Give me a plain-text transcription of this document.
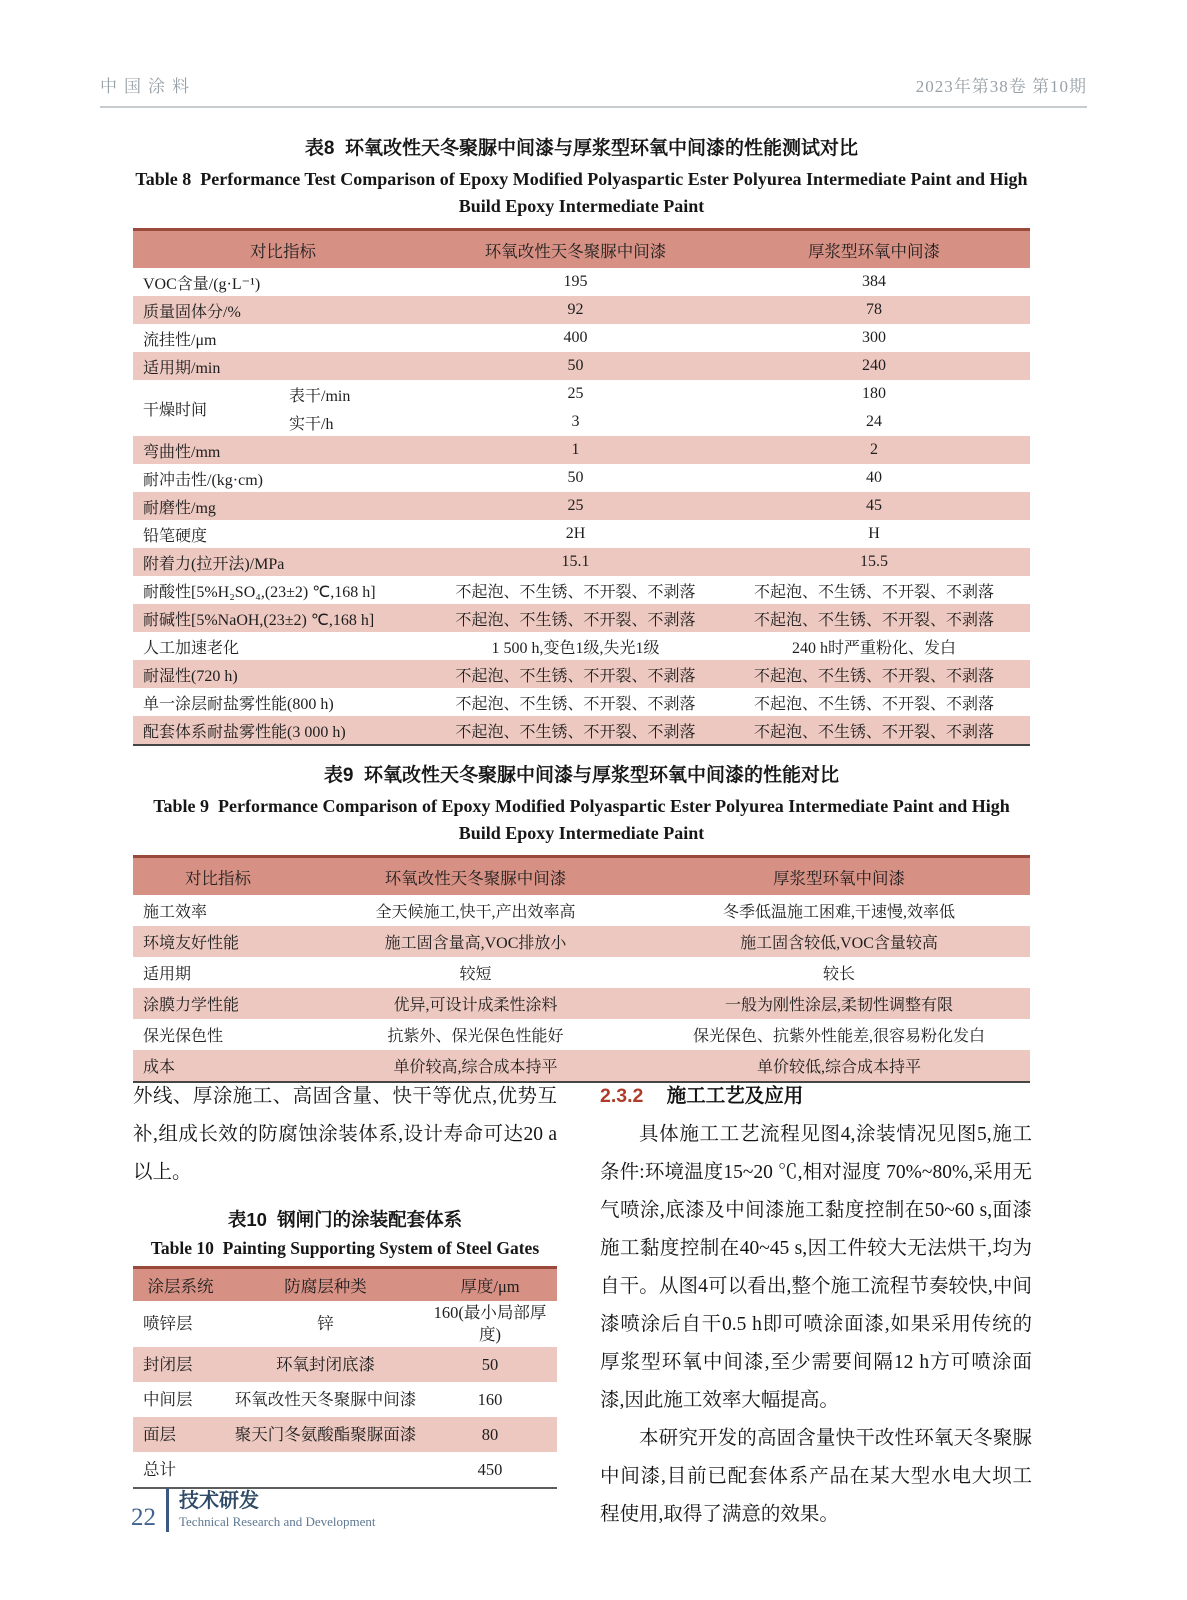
中国涂料	2023年第38卷 第10期
表8  环氧改性天冬聚脲中间漆与厚浆型环氧中间漆的性能测试对比
Table 8  Performance Test Comparison of Epoxy Modified Polyaspartic Ester Polyurea Intermediate Paint and High Build Epoxy Intermediate Paint
对比指标		环氧改性天冬聚脲中间漆	厚浆型环氧中间漆
VOC含量/(g·L⁻¹)		195	384
质量固体分/%		92	78
流挂性/μm		400	300
适用期/min		50	240
干燥时间	表干/min	25	180
	实干/h	3	24
弯曲性/mm		1	2
耐冲击性/(kg·cm)		50	40
耐磨性/mg		25	45
铅笔硬度		2H	H
附着力(拉开法)/MPa		15.1	15.5
耐酸性[5%H₂SO₄,(23±2) ℃,168 h]		不起泡、不生锈、不开裂、不剥落	不起泡、不生锈、不开裂、不剥落
耐碱性[5%NaOH,(23±2) ℃,168 h]		不起泡、不生锈、不开裂、不剥落	不起泡、不生锈、不开裂、不剥落
人工加速老化		1 500 h,变色1级,失光1级	240 h时严重粉化、发白
耐湿性(720 h)		不起泡、不生锈、不开裂、不剥落	不起泡、不生锈、不开裂、不剥落
单一涂层耐盐雾性能(800 h)		不起泡、不生锈、不开裂、不剥落	不起泡、不生锈、不开裂、不剥落
配套体系耐盐雾性能(3 000 h)		不起泡、不生锈、不开裂、不剥落	不起泡、不生锈、不开裂、不剥落
表9  环氧改性天冬聚脲中间漆与厚浆型环氧中间漆的性能对比
Table 9  Performance Comparison of Epoxy Modified Polyaspartic Ester Polyurea Intermediate Paint and High Build Epoxy Intermediate Paint
对比指标	环氧改性天冬聚脲中间漆	厚浆型环氧中间漆
施工效率	全天候施工,快干,产出效率高	冬季低温施工困难,干速慢,效率低
环境友好性能	施工固含量高,VOC排放小	施工固含较低,VOC含量较高
适用期	较短	较长
涂膜力学性能	优异,可设计成柔性涂料	一般为刚性涂层,柔韧性调整有限
保光保色性	抗紫外、保光保色性能好	保光保色、抗紫外性能差,很容易粉化发白
成本	单价较高,综合成本持平	单价较低,综合成本持平

外线、厚涂施工、高固含量、快干等优点,优势互补,组成长效的防腐蚀涂装体系,设计寿命可达20 a以上。

表10  钢闸门的涂装配套体系
Table 10  Painting Supporting System of Steel Gates
涂层系统	防腐层种类	厚度/μm
喷锌层	锌	160(最小局部厚度)
封闭层	环氧封闭底漆	50
中间层	环氧改性天冬聚脲中间漆	160
面层	聚天门冬氨酸酯聚脲面漆	80
总计		450
2.3.2 施工工艺及应用

具体施工工艺流程见图4,涂装情况见图5,施工条件:环境温度15~20 ℃,相对湿度 70%~80%,采用无气喷涂,底漆及中间漆施工黏度控制在50~60 s,面漆施工黏度控制在40~45 s,因工件较大无法烘干,均为自干。从图4可以看出,整个施工流程节奏较快,中间漆喷涂后自干0.5 h即可喷涂面漆,如果采用传统的厚浆型环氧中间漆,至少需要间隔12 h方可喷涂面漆,因此施工效率大幅提高。

本研究开发的高固含量快干改性环氧天冬聚脲中间漆,目前已配套体系产品在某大型水电大坝工程使用,取得了满意的效果。

22
技术研发
Technical Research and Development
